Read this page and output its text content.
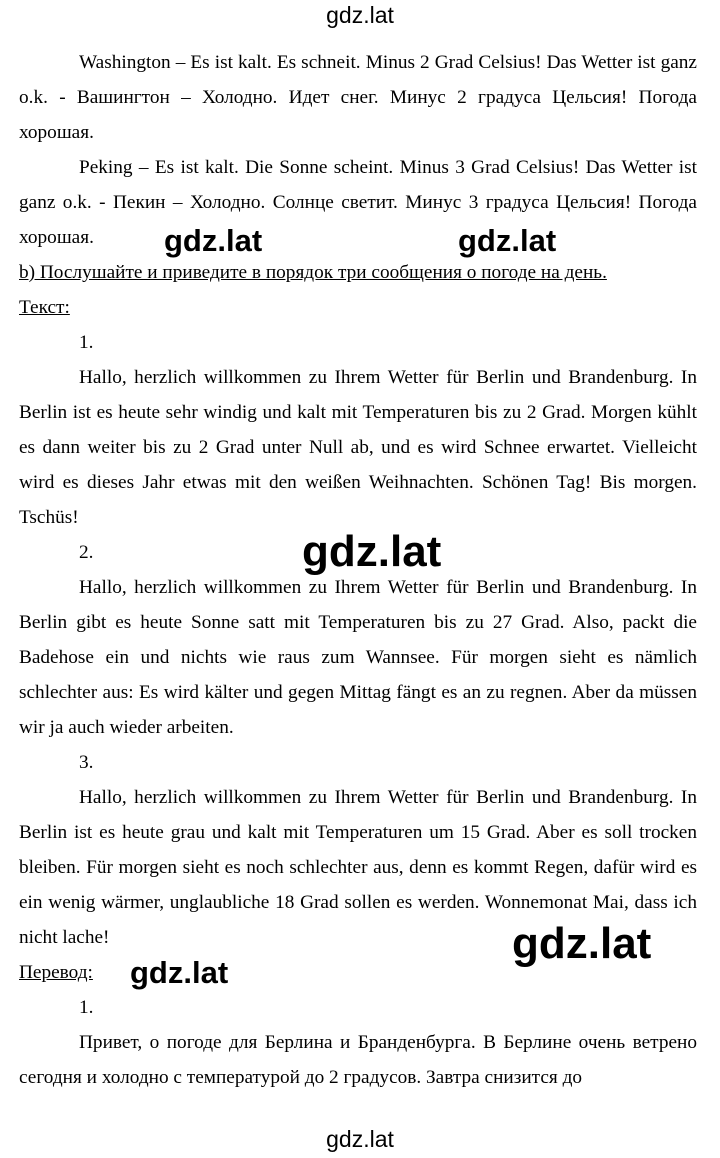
gdz.lat

Washington – Es ist kalt. Es schneit. Minus 2 Grad Celsius! Das Wetter ist ganz o.k. - Вашингтон – Холодно. Идет снег. Минус 2 градуса Цельсия! Погода хорошая.

Peking – Es ist kalt. Die Sonne scheint. Minus 3 Grad Celsius! Das Wetter ist ganz o.k. - Пекин – Холодно. Солнце светит. Минус 3 градуса Цельсия! Погода хорошая.

b) Послушайте и приведите в порядок три сообщения о погоде на день.

Текст:

1.

Hallo, herzlich willkommen zu Ihrem Wetter für Berlin und Brandenburg. In Berlin ist es heute sehr windig und kalt mit Temperaturen bis zu 2 Grad. Morgen kühlt es dann weiter bis zu 2 Grad unter Null ab, und es wird Schnee erwartet. Vielleicht wird es dieses Jahr etwas mit den weißen Weihnachten. Schönen Tag! Bis morgen. Tschüs!

2.

Hallo, herzlich willkommen zu Ihrem Wetter für Berlin und Brandenburg. In Berlin gibt es heute Sonne satt mit Temperaturen bis zu 27 Grad. Also, packt die Badehose ein und nichts wie raus zum Wannsee. Für morgen sieht es nämlich schlechter aus: Es wird kälter und gegen Mittag fängt es an zu regnen. Aber da müssen wir ja auch wieder arbeiten.

3.

Hallo, herzlich willkommen zu Ihrem Wetter für Berlin und Brandenburg. In Berlin ist es heute grau und kalt mit Temperaturen um 15 Grad. Aber es soll trocken bleiben. Für morgen sieht es noch schlechter aus, denn es kommt Regen, dafür wird es ein wenig wärmer, unglaubliche 18 Grad sollen es werden. Wonnemonat Mai, dass ich nicht lache!

Перевод:

1.

Привет, о погоде для Берлина и Бранденбурга. В Берлине очень ветрено сегодня и холодно с температурой до 2 градусов. Завтра снизится до

gdz.lat	gdz.lat
gdz.lat
gdz.lat
gdz.lat
gdz.lat
